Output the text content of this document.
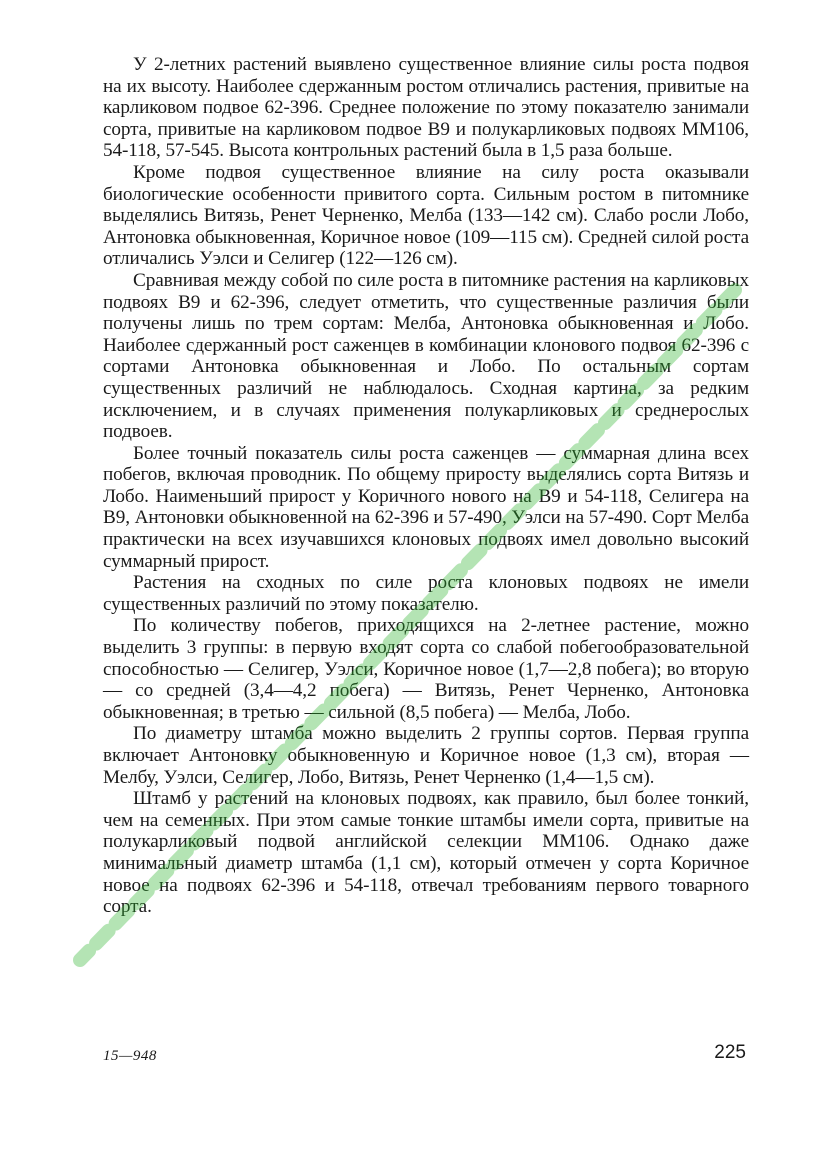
У 2-летних растений выявлено существенное влияние силы роста подвоя на их высоту. Наиболее сдержанным ростом отличались растения, привитые на карликовом подвое 62-396. Среднее положение по этому показателю занимали сорта, привитые на карликовом подвое В9 и полукарликовых подвоях ММ106, 54-118, 57-545. Высота контрольных растений была в 1,5 раза больше.

Кроме подвоя существенное влияние на силу роста оказывали биологические особенности привитого сорта. Сильным ростом в питомнике выделялись Витязь, Ренет Черненко, Мелба (133—142 см). Слабо росли Лобо, Антоновка обыкновенная, Коричное новое (109—115 см). Средней силой роста отличались Уэлси и Селигер (122—126 см).

Сравнивая между собой по силе роста в питомнике растения на карликовых подвоях В9 и 62-396, следует отметить, что существенные различия были получены лишь по трем сортам: Мелба, Антоновка обыкновенная и Лобо. Наиболее сдержанный рост саженцев в комбинации клонового подвоя 62-396 с сортами Антоновка обыкновенная и Лобо. По остальным сортам существенных различий не наблюдалось. Сходная картина, за редким исключением, и в случаях применения полукарликовых и среднерослых подвоев.

Более точный показатель силы роста саженцев — суммарная длина всех побегов, включая проводник. По общему приросту выделялись сорта Витязь и Лобо. Наименьший прирост у Коричного нового на В9 и 54-118, Селигера на В9, Антоновки обыкновенной на 62-396 и 57-490, Уэлси на 57-490. Сорт Мелба практически на всех изучавшихся клоновых подвоях имел довольно высокий суммарный прирост.

Растения на сходных по силе роста клоновых подвоях не имели существенных различий по этому показателю.

По количеству побегов, приходящихся на 2-летнее растение, можно выделить 3 группы: в первую входят сорта со слабой побегообразовательной способностью — Селигер, Уэлси, Коричное новое (1,7—2,8 побега); во вторую — со средней (3,4—4,2 побега) — Витязь, Ренет Черненко, Антоновка обыкновенная; в третью — сильной (8,5 побега) — Мелба, Лобо.

По диаметру штамба можно выделить 2 группы сортов. Первая группа включает Антоновку обыкновенную и Коричное новое (1,3 см), вторая — Мелбу, Уэлси, Селигер, Лобо, Витязь, Ренет Черненко (1,4—1,5 см).

Штамб у растений на клоновых подвоях, как правило, был более тонкий, чем на семенных. При этом самые тонкие штамбы имели сорта, привитые на полукарликовый подвой английской селекции ММ106. Однако даже минимальный диаметр штамба (1,1 см), который отмечен у сорта Коричное новое на подвоях 62-396 и 54-118, отвечал требованиям первого товарного сорта.

15—948	225
